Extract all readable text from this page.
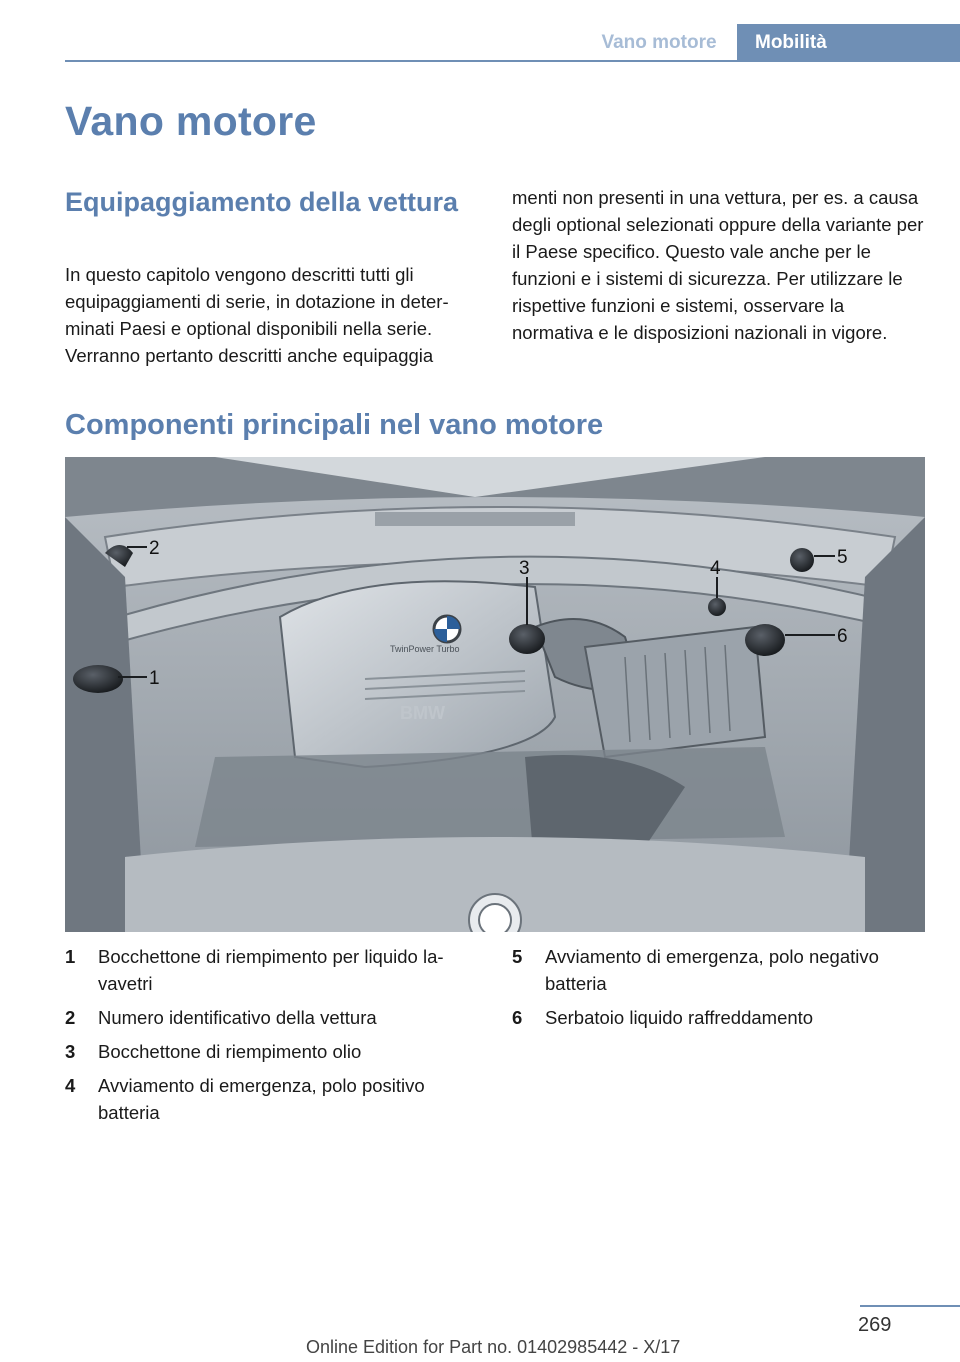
Vano motore	Mobilità
Vano motore
Equipaggiamento della vettura

In questo capitolo vengono descritti tutti gli equipaggiamenti di serie, in dotazione in determinati Paesi e optional disponibili nella serie. Verranno pertanto descritti anche equipaggia

menti non presenti in una vettura, per es. a causa degli optional selezionati oppure della variante per il Paese specifico. Questo vale anche per le funzioni e i sistemi di sicurezza. Per utilizzare le rispettive funzioni e sistemi, osservare la normativa e le disposizioni nazionali in vigore.

Componenti principali nel vano motore
TwinPower Turbo
BMW
1
2
3	4
5
6
1	Bocchettone di riempimento per liquido lavavetri
2	Numero identificativo della vettura
3	Bocchettone di riempimento olio
4	Avviamento di emergenza, polo positivo batteria
5	Avviamento di emergenza, polo negativo batteria
6	Serbatoio liquido raffreddamento
269
Online Edition for Part no. 01402985442 - X/17
